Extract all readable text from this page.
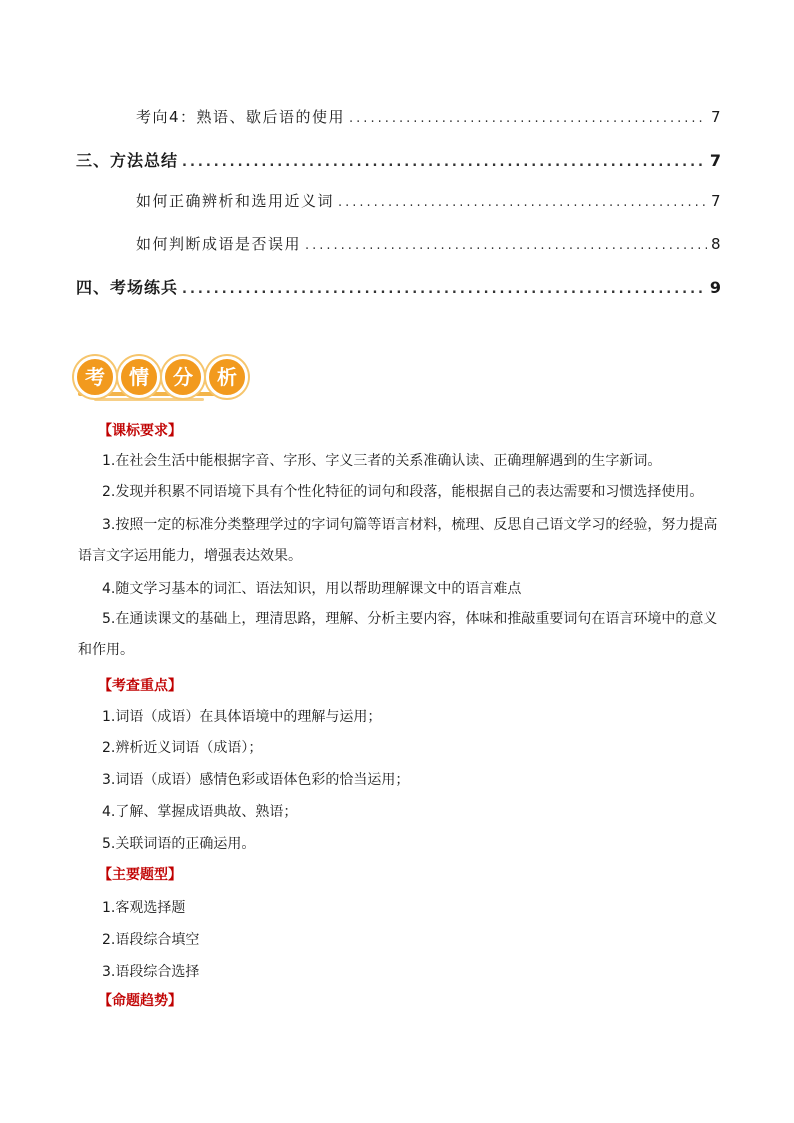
考向4：熟语、歇后语的使用 .....	7
三、方法总结 .....	7
如何正确辨析和选用近义词 .....	7
如何判断成语是否误用 .....	8
四、考场练兵 .....	9
考	情	分	析
【课标要求】
1.在社会生活中能根据字音、字形、字义三者的关系准确认读、正确理解遇到的生字新词。
2.发现并积累不同语境下具有个性化特征的词句和段落，能根据自己的表达需要和习惯选择使用。
3.按照一定的标准分类整理学过的字词句篇等语言材料，梳理、反思自己语文学习的经验，努力提高语言文字运用能力，增强表达效果。
4.随文学习基本的词汇、语法知识，用以帮助理解课文中的语言难点
5.在通读课文的基础上，理清思路，理解、分析主要内容，体味和推敲重要词句在语言环境中的意义和作用。
【考查重点】
1.词语（成语）在具体语境中的理解与运用；
2.辨析近义词语（成语）；
3.词语（成语）感情色彩或语体色彩的恰当运用；
4.了解、掌握成语典故、熟语；
5.关联词语的正确运用。
【主要题型】
1.客观选择题
2.语段综合填空
3.语段综合选择
【命题趋势】
